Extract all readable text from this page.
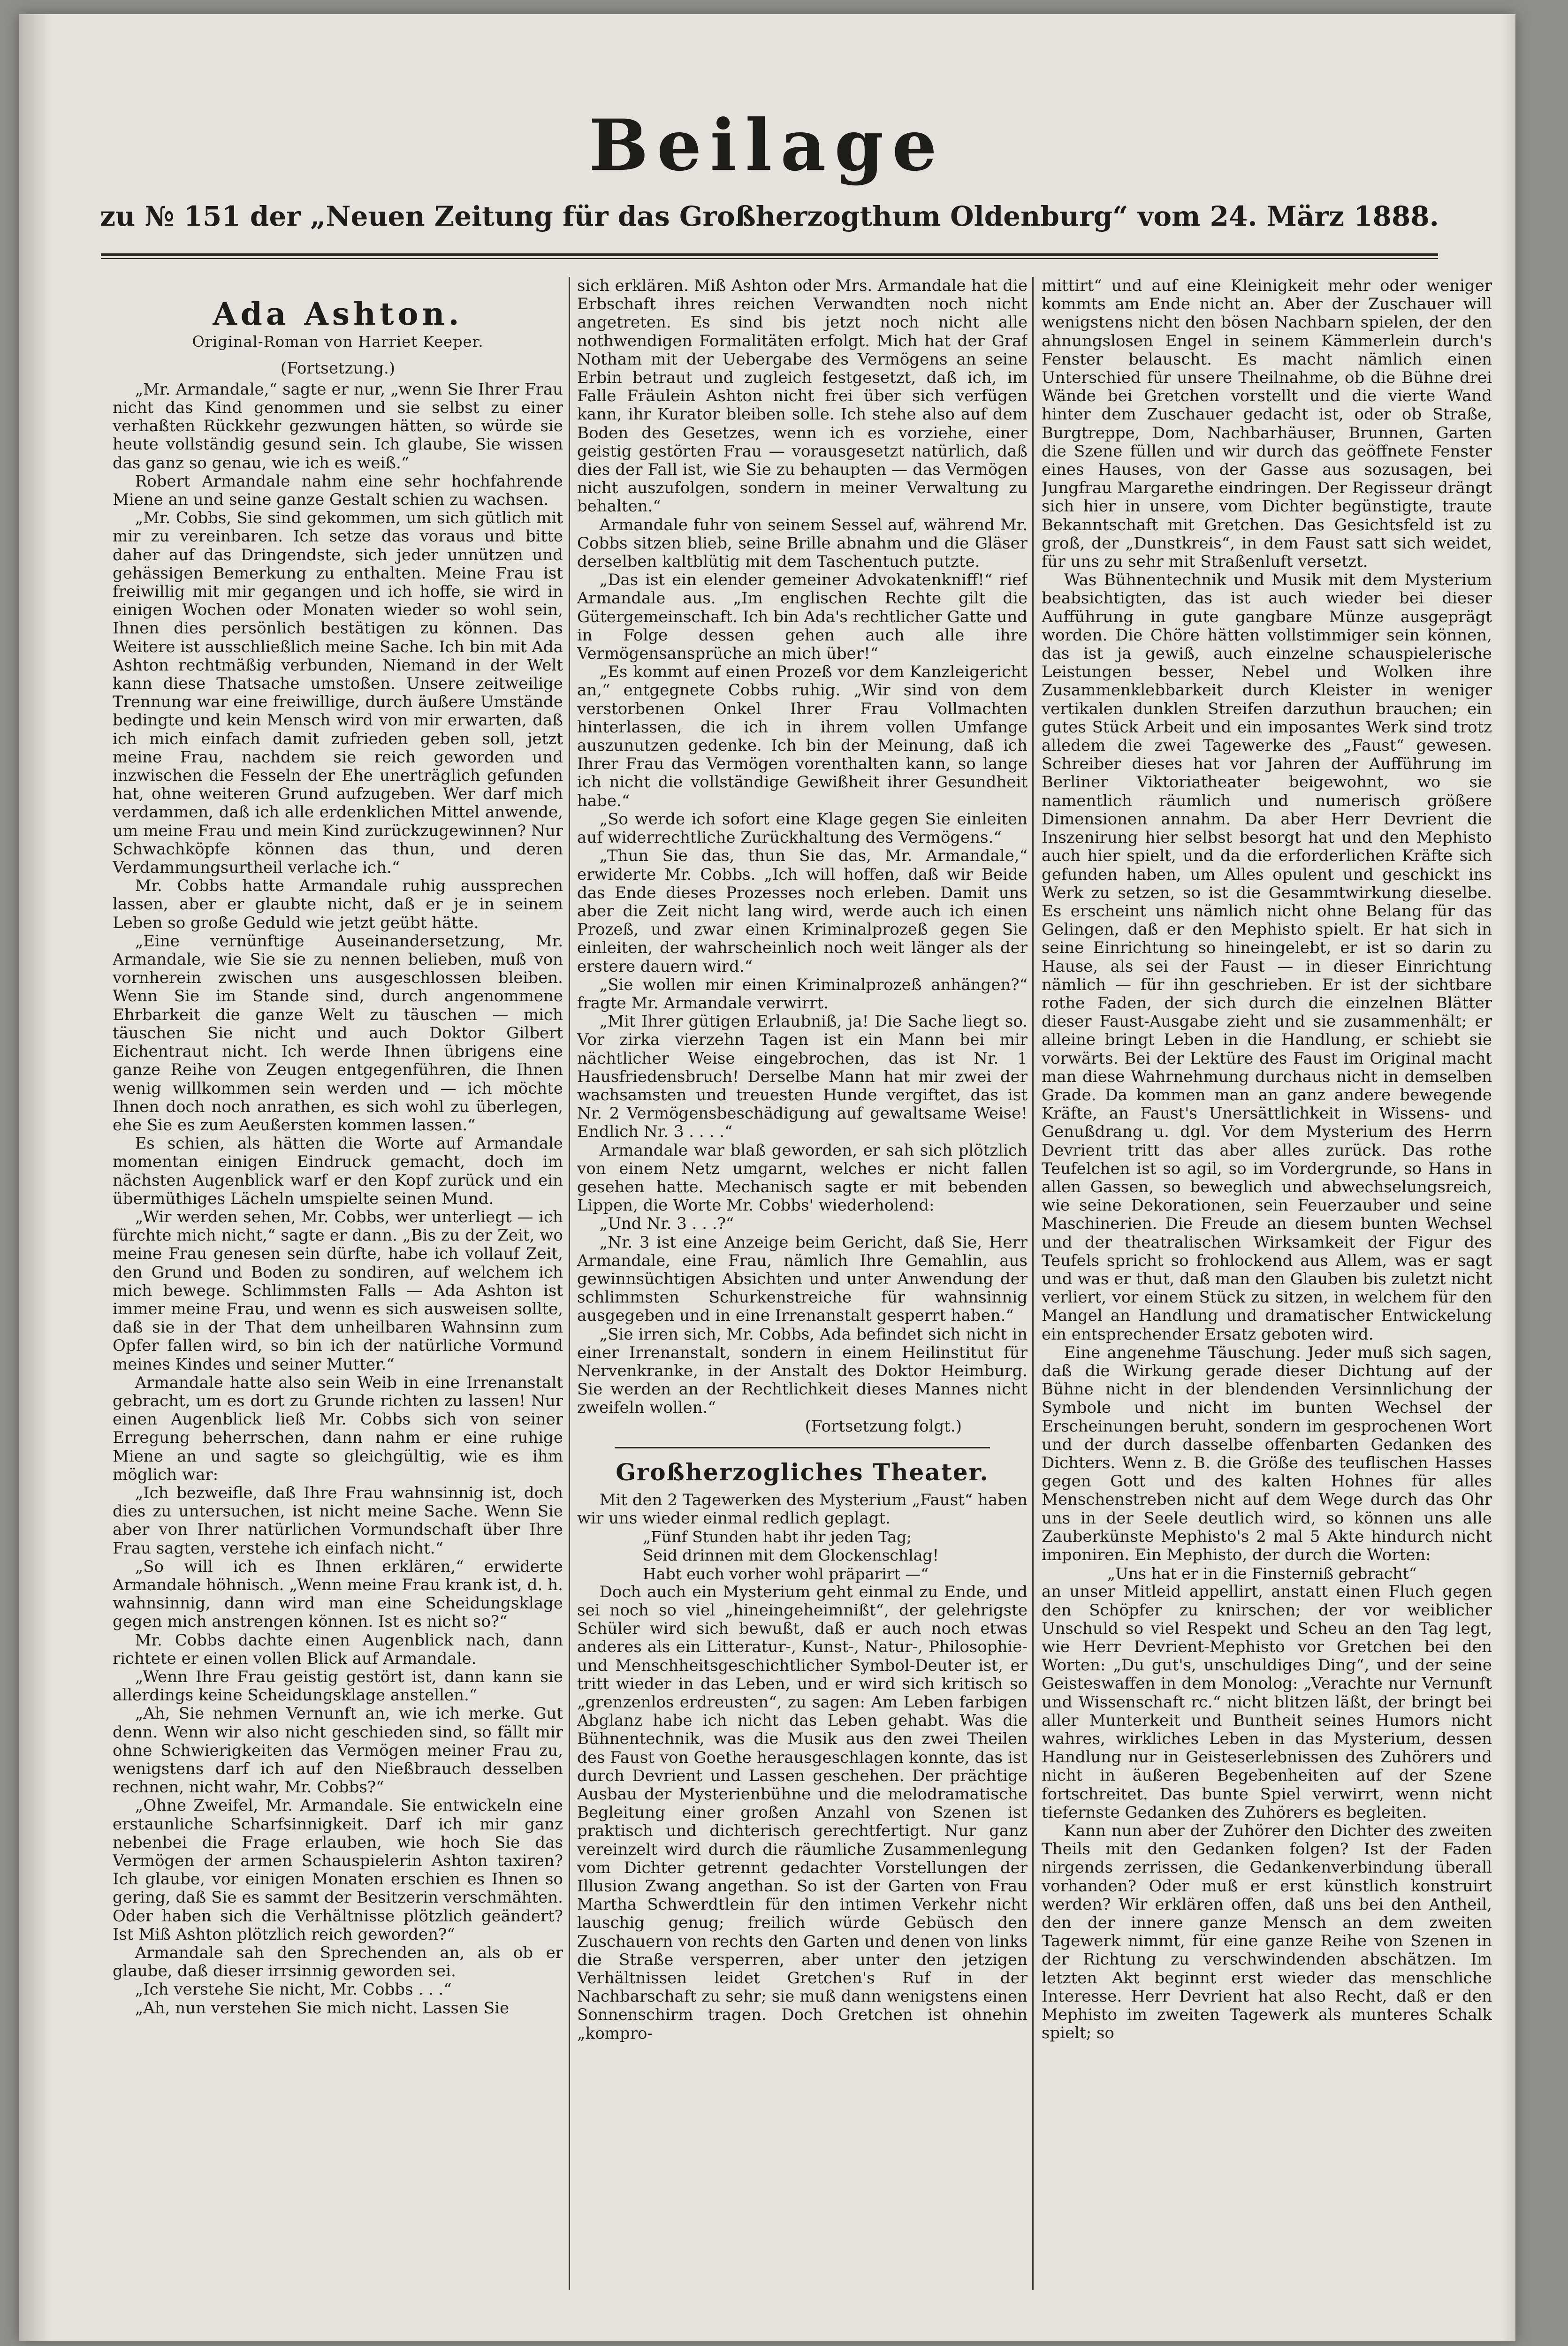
Beilage
zu № 151 der „Neuen Zeitung für das Großherzogthum Oldenburg“ vom 24. März 1888.
Ada Ashton.
Original-Roman von Harriet Keeper.
(Fortsetzung.)

„Mr. Armandale,“ sagte er nur, „wenn Sie Ihrer Frau nicht das Kind genommen und sie selbst zu einer verhaßten Rückkehr gezwungen hätten, so würde sie heute vollständig gesund sein. Ich glaube, Sie wissen das ganz so genau, wie ich es weiß.“

Robert Armandale nahm eine sehr hochfahrende Miene an und seine ganze Gestalt schien zu wachsen.

„Mr. Cobbs, Sie sind gekommen, um sich gütlich mit mir zu vereinbaren. Ich setze das voraus und bitte daher auf das Dringendste, sich jeder unnützen und gehässigen Bemerkung zu enthalten. Meine Frau ist freiwillig mit mir gegangen und ich hoffe, sie wird in einigen Wochen oder Monaten wieder so wohl sein, Ihnen dies persönlich bestätigen zu können. Das Weitere ist ausschließlich meine Sache. Ich bin mit Ada Ashton rechtmäßig verbunden, Niemand in der Welt kann diese Thatsache umstoßen. Unsere zeitweilige Trennung war eine freiwillige, durch äußere Umstände bedingte und kein Mensch wird von mir erwarten, daß ich mich einfach damit zufrieden geben soll, jetzt meine Frau, nachdem sie reich geworden und inzwischen die Fesseln der Ehe unerträglich gefunden hat, ohne weiteren Grund aufzugeben. Wer darf mich verdammen, daß ich alle erdenklichen Mittel anwende, um meine Frau und mein Kind zurückzugewinnen? Nur Schwachköpfe können das thun, und deren Verdammungsurtheil verlache ich.“

Mr. Cobbs hatte Armandale ruhig aussprechen lassen, aber er glaubte nicht, daß er je in seinem Leben so große Geduld wie jetzt geübt hätte.

„Eine vernünftige Auseinandersetzung, Mr. Armandale, wie Sie sie zu nennen belieben, muß von vornherein zwischen uns ausgeschlossen bleiben. Wenn Sie im Stande sind, durch angenommene Ehrbarkeit die ganze Welt zu täuschen — mich täuschen Sie nicht und auch Doktor Gilbert Eichentraut nicht. Ich werde Ihnen übrigens eine ganze Reihe von Zeugen entgegenführen, die Ihnen wenig willkommen sein werden und — ich möchte Ihnen doch noch anrathen, es sich wohl zu überlegen, ehe Sie es zum Aeußersten kommen lassen.“

Es schien, als hätten die Worte auf Armandale momentan einigen Eindruck gemacht, doch im nächsten Augenblick warf er den Kopf zurück und ein übermüthiges Lächeln umspielte seinen Mund.

„Wir werden sehen, Mr. Cobbs, wer unterliegt — ich fürchte mich nicht,“ sagte er dann. „Bis zu der Zeit, wo meine Frau genesen sein dürfte, habe ich vollauf Zeit, den Grund und Boden zu sondiren, auf welchem ich mich bewege. Schlimmsten Falls — Ada Ashton ist immer meine Frau, und wenn es sich ausweisen sollte, daß sie in der That dem unheilbaren Wahnsinn zum Opfer fallen wird, so bin ich der natürliche Vormund meines Kindes und seiner Mutter.“

Armandale hatte also sein Weib in eine Irrenanstalt gebracht, um es dort zu Grunde richten zu lassen! Nur einen Augenblick ließ Mr. Cobbs sich von seiner Erregung beherrschen, dann nahm er eine ruhige Miene an und sagte so gleichgültig, wie es ihm möglich war:

„Ich bezweifle, daß Ihre Frau wahnsinnig ist, doch dies zu untersuchen, ist nicht meine Sache. Wenn Sie aber von Ihrer natürlichen Vormundschaft über Ihre Frau sagten, verstehe ich einfach nicht.“

„So will ich es Ihnen erklären,“ erwiderte Armandale höhnisch. „Wenn meine Frau krank ist, d. h. wahnsinnig, dann wird man eine Scheidungsklage gegen mich anstrengen können. Ist es nicht so?“

Mr. Cobbs dachte einen Augenblick nach, dann richtete er einen vollen Blick auf Armandale.

„Wenn Ihre Frau geistig gestört ist, dann kann sie allerdings keine Scheidungsklage anstellen.“

„Ah, Sie nehmen Vernunft an, wie ich merke. Gut denn. Wenn wir also nicht geschieden sind, so fällt mir ohne Schwierigkeiten das Vermögen meiner Frau zu, wenigstens darf ich auf den Nießbrauch desselben rechnen, nicht wahr, Mr. Cobbs?“

„Ohne Zweifel, Mr. Armandale. Sie entwickeln eine erstaunliche Scharfsinnigkeit. Darf ich mir ganz nebenbei die Frage erlauben, wie hoch Sie das Vermögen der armen Schauspielerin Ashton taxiren? Ich glaube, vor einigen Monaten erschien es Ihnen so gering, daß Sie es sammt der Besitzerin verschmähten. Oder haben sich die Verhältnisse plötzlich geändert? Ist Miß Ashton plötzlich reich geworden?“

Armandale sah den Sprechenden an, als ob er glaube, daß dieser irrsinnig geworden sei.

„Ich verstehe Sie nicht, Mr. Cobbs . . .“

„Ah, nun verstehen Sie mich nicht. Lassen Sie

sich erklären. Miß Ashton oder Mrs. Armandale hat die Erbschaft ihres reichen Verwandten noch nicht angetreten. Es sind bis jetzt noch nicht alle nothwendigen Formalitäten erfolgt. Mich hat der Graf Notham mit der Uebergabe des Vermögens an seine Erbin betraut und zugleich festgesetzt, daß ich, im Falle Fräulein Ashton nicht frei über sich verfügen kann, ihr Kurator bleiben solle. Ich stehe also auf dem Boden des Gesetzes, wenn ich es vorziehe, einer geistig gestörten Frau — vorausgesetzt natürlich, daß dies der Fall ist, wie Sie zu behaupten — das Vermögen nicht auszufolgen, sondern in meiner Verwaltung zu behalten.“

Armandale fuhr von seinem Sessel auf, während Mr. Cobbs sitzen blieb, seine Brille abnahm und die Gläser derselben kaltblütig mit dem Taschentuch putzte.

„Das ist ein elender gemeiner Advokatenkniff!“ rief Armandale aus. „Im englischen Rechte gilt die Gütergemeinschaft. Ich bin Ada's rechtlicher Gatte und in Folge dessen gehen auch alle ihre Vermögensansprüche an mich über!“

„Es kommt auf einen Prozeß vor dem Kanzleigericht an,“ entgegnete Cobbs ruhig. „Wir sind von dem verstorbenen Onkel Ihrer Frau Vollmachten hinterlassen, die ich in ihrem vollen Umfange auszunutzen gedenke. Ich bin der Meinung, daß ich Ihrer Frau das Vermögen vorenthalten kann, so lange ich nicht die vollständige Gewißheit ihrer Gesundheit habe.“

„So werde ich sofort eine Klage gegen Sie einleiten auf widerrechtliche Zurückhaltung des Vermögens.“

„Thun Sie das, thun Sie das, Mr. Armandale,“ erwiderte Mr. Cobbs. „Ich will hoffen, daß wir Beide das Ende dieses Prozesses noch erleben. Damit uns aber die Zeit nicht lang wird, werde auch ich einen Prozeß, und zwar einen Kriminalprozeß gegen Sie einleiten, der wahrscheinlich noch weit länger als der erstere dauern wird.“

„Sie wollen mir einen Kriminalprozeß anhängen?“ fragte Mr. Armandale verwirrt.

„Mit Ihrer gütigen Erlaubniß, ja! Die Sache liegt so. Vor zirka vierzehn Tagen ist ein Mann bei mir nächtlicher Weise eingebrochen, das ist Nr. 1 Hausfriedensbruch! Derselbe Mann hat mir zwei der wachsamsten und treuesten Hunde vergiftet, das ist Nr. 2 Vermögensbeschädigung auf gewaltsame Weise! Endlich Nr. 3 . . . .“

Armandale war blaß geworden, er sah sich plötzlich von einem Netz umgarnt, welches er nicht fallen gesehen hatte. Mechanisch sagte er mit bebenden Lippen, die Worte Mr. Cobbs' wiederholend:

„Und Nr. 3 . . .?“

„Nr. 3 ist eine Anzeige beim Gericht, daß Sie, Herr Armandale, eine Frau, nämlich Ihre Gemahlin, aus gewinnsüchtigen Absichten und unter Anwendung der schlimmsten Schurkenstreiche für wahnsinnig ausgegeben und in eine Irrenanstalt gesperrt haben.“

„Sie irren sich, Mr. Cobbs, Ada befindet sich nicht in einer Irrenanstalt, sondern in einem Heilinstitut für Nervenkranke, in der Anstalt des Doktor Heimburg. Sie werden an der Rechtlichkeit dieses Mannes nicht zweifeln wollen.“

(Fortsetzung folgt.)
Großherzogliches Theater.

Mit den 2 Tagewerken des Mysterium „Faust“ haben wir uns wieder einmal redlich geplagt.

„Fünf Stunden habt ihr jeden Tag;

Seid drinnen mit dem Glockenschlag!

Habt euch vorher wohl präparirt —“

Doch auch ein Mysterium geht einmal zu Ende, und sei noch so viel „hineingeheimnißt“, der gelehrigste Schüler wird sich bewußt, daß er auch noch etwas anderes als ein Litteratur-, Kunst-, Natur-, Philosophie- und Menschheitsgeschichtlicher Symbol-Deuter ist, er tritt wieder in das Leben, und er wird sich kritisch so „grenzenlos erdreusten“, zu sagen: Am Leben farbigen Abglanz habe ich nicht das Leben gehabt. Was die Bühnentechnik, was die Musik aus den zwei Theilen des Faust von Goethe herausgeschlagen konnte, das ist durch Devrient und Lassen geschehen. Der prächtige Ausbau der Mysterienbühne und die melodramatische Begleitung einer großen Anzahl von Szenen ist praktisch und dichterisch gerechtfertigt. Nur ganz vereinzelt wird durch die räumliche Zusammenlegung vom Dichter getrennt gedachter Vorstellungen der Illusion Zwang angethan. So ist der Garten von Frau Martha Schwerdtlein für den intimen Verkehr nicht lauschig genug; freilich würde Gebüsch den Zuschauern von rechts den Garten und denen von links die Straße versperren, aber unter den jetzigen Verhältnissen leidet Gretchen's Ruf in der Nachbarschaft zu sehr; sie muß dann wenigstens einen Sonnenschirm tragen. Doch Gretchen ist ohnehin „kompro-

mittirt“ und auf eine Kleinigkeit mehr oder weniger kommts am Ende nicht an. Aber der Zuschauer will wenigstens nicht den bösen Nachbarn spielen, der den ahnungslosen Engel in seinem Kämmerlein durch's Fenster belauscht. Es macht nämlich einen Unterschied für unsere Theilnahme, ob die Bühne drei Wände bei Gretchen vorstellt und die vierte Wand hinter dem Zuschauer gedacht ist, oder ob Straße, Burgtreppe, Dom, Nachbarhäuser, Brunnen, Garten die Szene füllen und wir durch das geöffnete Fenster eines Hauses, von der Gasse aus sozusagen, bei Jungfrau Margarethe eindringen. Der Regisseur drängt sich hier in unsere, vom Dichter begünstigte, traute Bekanntschaft mit Gretchen. Das Gesichtsfeld ist zu groß, der „Dunstkreis“, in dem Faust satt sich weidet, für uns zu sehr mit Straßenluft versetzt.

Was Bühnentechnik und Musik mit dem Mysterium beabsichtigten, das ist auch wieder bei dieser Aufführung in gute gangbare Münze ausgeprägt worden. Die Chöre hätten vollstimmiger sein können, das ist ja gewiß, auch einzelne schauspielerische Leistungen besser, Nebel und Wolken ihre Zusammenklebbarkeit durch Kleister in weniger vertikalen dunklen Streifen darzuthun brauchen; ein gutes Stück Arbeit und ein imposantes Werk sind trotz alledem die zwei Tagewerke des „Faust“ gewesen. Schreiber dieses hat vor Jahren der Aufführung im Berliner Viktoriatheater beigewohnt, wo sie namentlich räumlich und numerisch größere Dimensionen annahm. Da aber Herr Devrient die Inszenirung hier selbst besorgt hat und den Mephisto auch hier spielt, und da die erforderlichen Kräfte sich gefunden haben, um Alles opulent und geschickt ins Werk zu setzen, so ist die Gesammtwirkung dieselbe. Es erscheint uns nämlich nicht ohne Belang für das Gelingen, daß er den Mephisto spielt. Er hat sich in seine Einrichtung so hineingelebt, er ist so darin zu Hause, als sei der Faust — in dieser Einrichtung nämlich — für ihn geschrieben. Er ist der sichtbare rothe Faden, der sich durch die einzelnen Blätter dieser Faust-Ausgabe zieht und sie zusammenhält; er alleine bringt Leben in die Handlung, er schiebt sie vorwärts. Bei der Lektüre des Faust im Original macht man diese Wahrnehmung durchaus nicht in demselben Grade. Da kommen man an ganz andere bewegende Kräfte, an Faust's Unersättlichkeit in Wissens- und Genußdrang u. dgl. Vor dem Mysterium des Herrn Devrient tritt das aber alles zurück. Das rothe Teufelchen ist so agil, so im Vordergrunde, so Hans in allen Gassen, so beweglich und abwechselungsreich, wie seine Dekorationen, sein Feuerzauber und seine Maschinerien. Die Freude an diesem bunten Wechsel und der theatralischen Wirksamkeit der Figur des Teufels spricht so frohlockend aus Allem, was er sagt und was er thut, daß man den Glauben bis zuletzt nicht verliert, vor einem Stück zu sitzen, in welchem für den Mangel an Handlung und dramatischer Entwickelung ein entsprechender Ersatz geboten wird.

Eine angenehme Täuschung. Jeder muß sich sagen, daß die Wirkung gerade dieser Dichtung auf der Bühne nicht in der blendenden Versinnlichung der Symbole und nicht im bunten Wechsel der Erscheinungen beruht, sondern im gesprochenen Wort und der durch dasselbe offenbarten Gedanken des Dichters. Wenn z. B. die Größe des teuflischen Hasses gegen Gott und des kalten Hohnes für alles Menschenstreben nicht auf dem Wege durch das Ohr uns in der Seele deutlich wird, so können uns alle Zauberkünste Mephisto's 2 mal 5 Akte hindurch nicht imponiren. Ein Mephisto, der durch die Worten:

„Uns hat er in die Finsterniß gebracht“

an unser Mitleid appellirt, anstatt einen Fluch gegen den Schöpfer zu knirschen; der vor weiblicher Unschuld so viel Respekt und Scheu an den Tag legt, wie Herr Devrient-Mephisto vor Gretchen bei den Worten: „Du gut's, unschuldiges Ding“, und der seine Geisteswaffen in dem Monolog: „Verachte nur Vernunft und Wissenschaft rc.“ nicht blitzen läßt, der bringt bei aller Munterkeit und Buntheit seines Humors nicht wahres, wirkliches Leben in das Mysterium, dessen Handlung nur in Geisteserlebnissen des Zuhörers und nicht in äußeren Begebenheiten auf der Szene fortschreitet. Das bunte Spiel verwirrt, wenn nicht tiefernste Gedanken des Zuhörers es begleiten.

Kann nun aber der Zuhörer den Dichter des zweiten Theils mit den Gedanken folgen? Ist der Faden nirgends zerrissen, die Gedankenverbindung überall vorhanden? Oder muß er erst künstlich konstruirt werden? Wir erklären offen, daß uns bei den Antheil, den der innere ganze Mensch an dem zweiten Tagewerk nimmt, für eine ganze Reihe von Szenen in der Richtung zu verschwindenden abschätzen. Im letzten Akt beginnt erst wieder das menschliche Interesse. Herr Devrient hat also Recht, daß er den Mephisto im zweiten Tagewerk als munteres Schalk spielt; so
